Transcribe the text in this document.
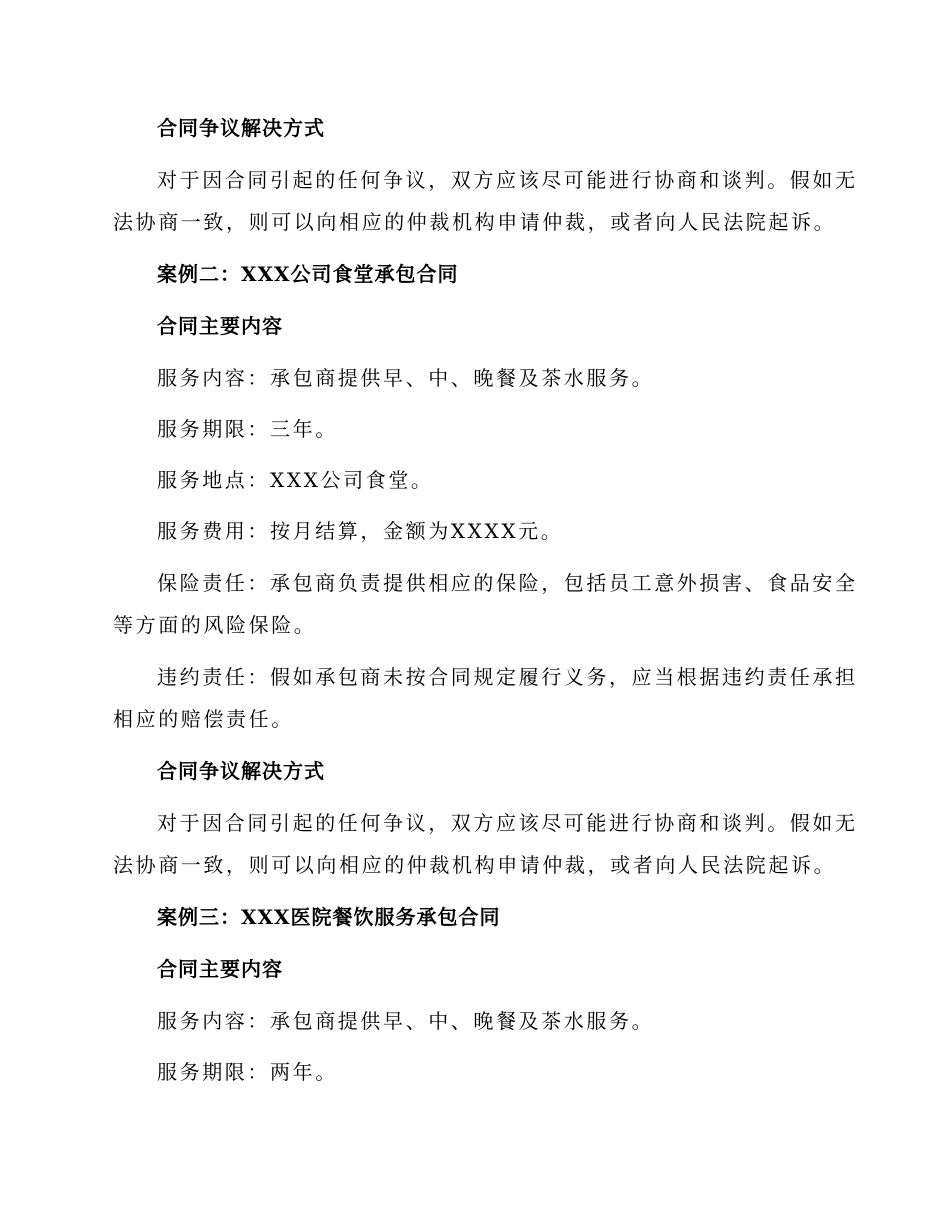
合同争议解决方式
对于因合同引起的任何争议，双方应该尽可能进行协商和谈判。假如无
法协商一致，则可以向相应的仲裁机构申请仲裁，或者向人民法院起诉。
案例二：XXX公司食堂承包合同
合同主要内容
服务内容：承包商提供早、中、晚餐及茶水服务。
服务期限：三年。
服务地点：XXX公司食堂。
服务费用：按月结算，金额为XXXX元。
保险责任：承包商负责提供相应的保险，包括员工意外损害、食品安全
等方面的风险保险。
违约责任：假如承包商未按合同规定履行义务，应当根据违约责任承担
相应的赔偿责任。
合同争议解决方式
对于因合同引起的任何争议，双方应该尽可能进行协商和谈判。假如无
法协商一致，则可以向相应的仲裁机构申请仲裁，或者向人民法院起诉。
案例三：XXX医院餐饮服务承包合同
合同主要内容
服务内容：承包商提供早、中、晚餐及茶水服务。
服务期限：两年。
